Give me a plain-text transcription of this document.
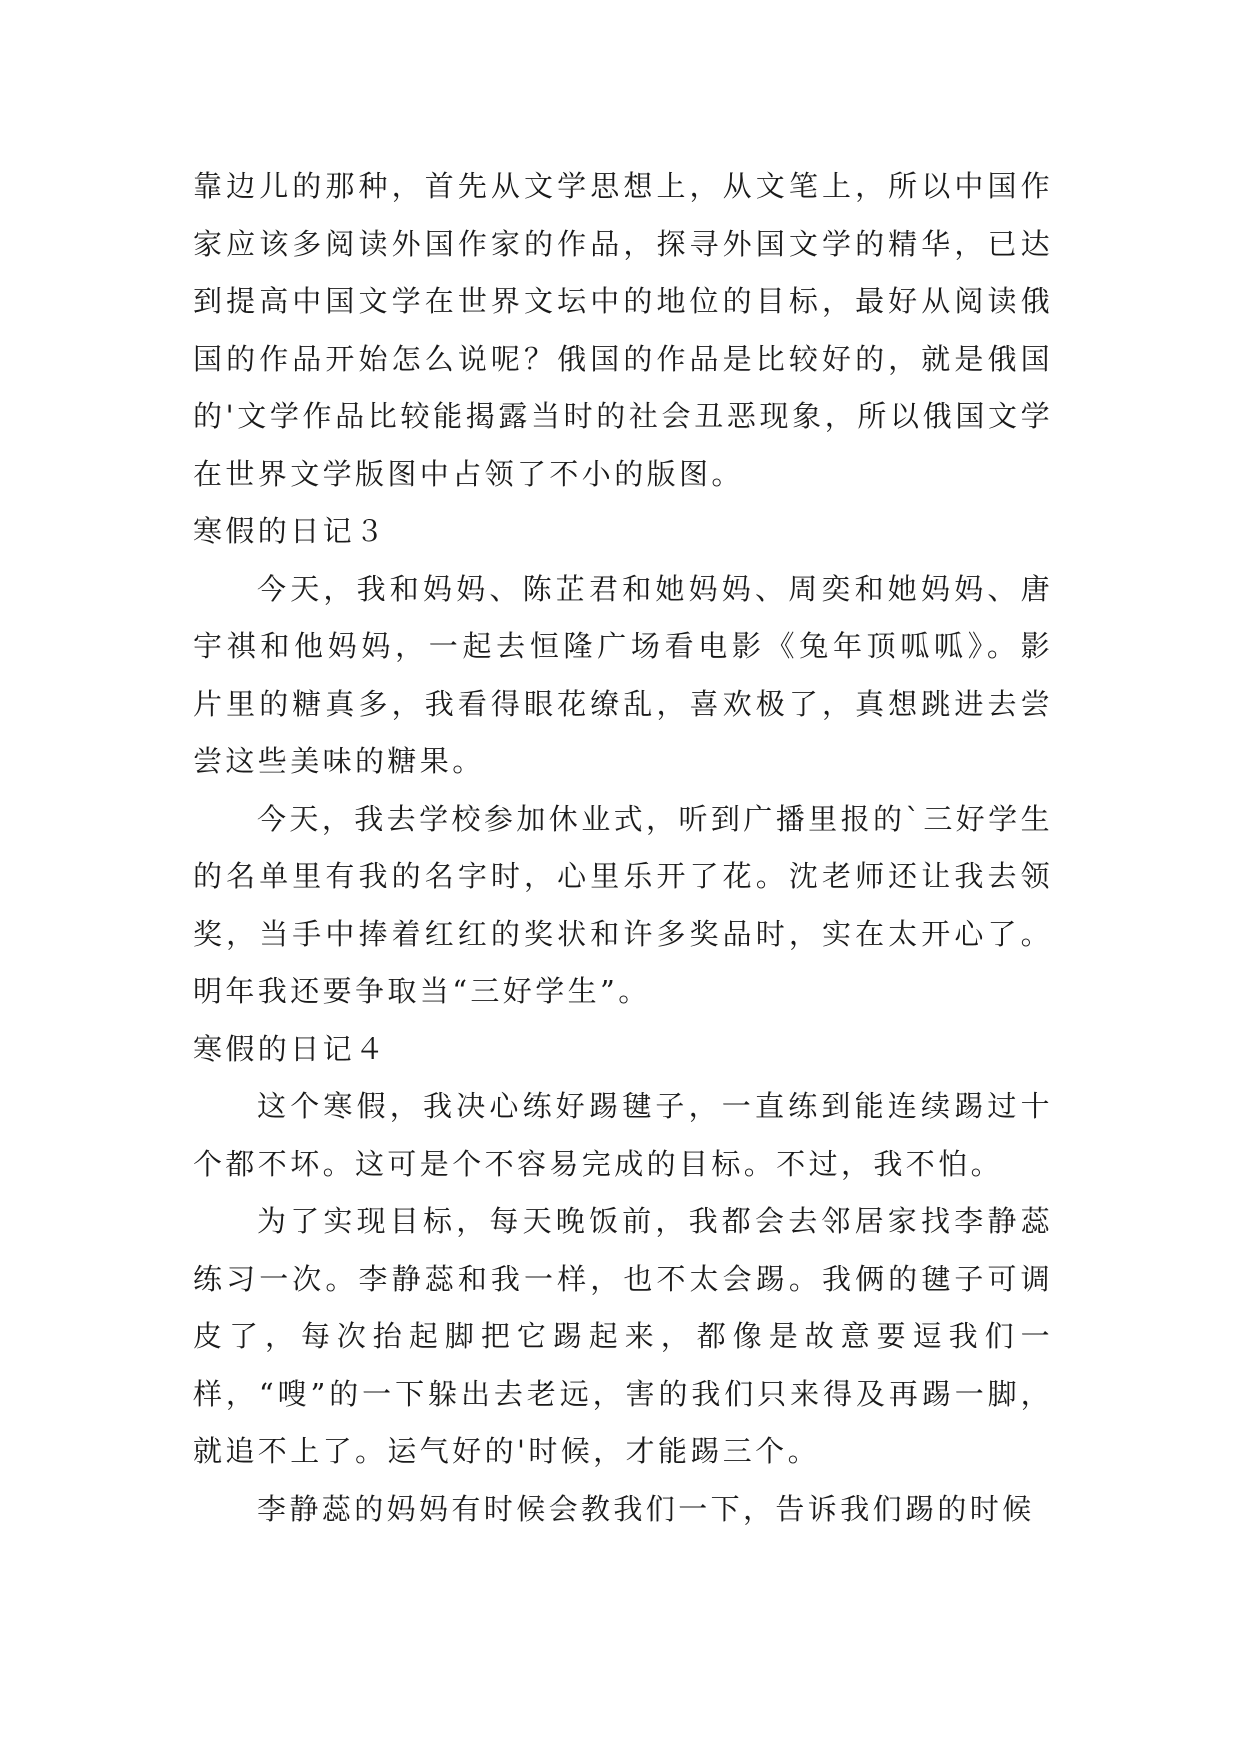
靠边儿的那种，首先从文学思想上，从文笔上，所以中国作家应该多阅读外国作家的作品，探寻外国文学的精华，已达到提高中国文学在世界文坛中的地位的目标，最好从阅读俄国的作品开始怎么说呢？俄国的作品是比较好的，就是俄国的'文学作品比较能揭露当时的社会丑恶现象，所以俄国文学在世界文学版图中占领了不小的版图。

寒假的日记３

今天，我和妈妈、陈芷君和她妈妈、周奕和她妈妈、唐宇祺和他妈妈，一起去恒隆广场看电影《兔年顶呱呱》。影片里的糖真多，我看得眼花缭乱，喜欢极了，真想跳进去尝尝这些美味的糖果。

今天，我去学校参加休业式，听到广播里报的`三好学生的名单里有我的名字时，心里乐开了花。沈老师还让我去领奖，当手中捧着红红的奖状和许多奖品时，实在太开心了。明年我还要争取当“三好学生”。

寒假的日记４

这个寒假，我决心练好踢毽子，一直练到能连续踢过十个都不坏。这可是个不容易完成的目标。不过，我不怕。

为了实现目标，每天晚饭前，我都会去邻居家找李静蕊练习一次。李静蕊和我一样，也不太会踢。我俩的毽子可调皮了，每次抬起脚把它踢起来，都像是故意要逗我们一样，“嗖”的一下躲出去老远，害的我们只来得及再踢一脚，就追不上了。运气好的'时候，才能踢三个。

李静蕊的妈妈有时候会教我们一下，告诉我们踢的时候
